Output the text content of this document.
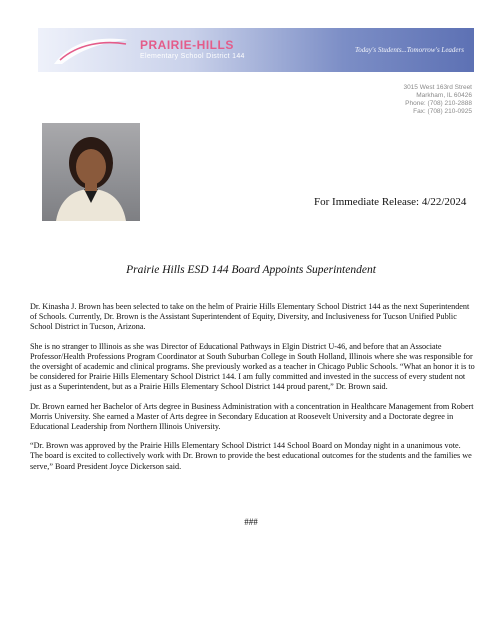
PRAIRIE-HILLS
Elementary School District 144
Today's Students...Tomorrow's Leaders
3015 West 163rd Street
Markham, IL 60426
Phone: (708) 210-2888
Fax: (708) 210-0925
For Immediate Release: 4/22/2024
Prairie Hills ESD 144 Board Appoints Superintendent

Dr. Kinasha J. Brown has been selected to take on the helm of Prairie Hills Elementary School District 144 as the next Superintendent of Schools. Currently, Dr. Brown is the Assistant Superintendent of Equity, Diversity, and Inclusiveness for Tucson Unified Public School District in Tucson, Arizona.

She is no stranger to Illinois as she was Director of Educational Pathways in Elgin District U-46, and before that an Associate Professor/Health Professions Program Coordinator at South Suburban College in South Holland, Illinois where she was responsible for the oversight of academic and clinical programs. She previously worked as a teacher in Chicago Public Schools. “What an honor it is to be considered for Prairie Hills Elementary School District 144. I am fully committed and invested in the success of every student not just as a Superintendent, but as a Prairie Hills Elementary School District 144 proud parent,” Dr. Brown said.

Dr. Brown earned her Bachelor of Arts degree in Business Administration with a concentration in Healthcare Management from Robert Morris University. She earned a Master of Arts degree in Secondary Education at Roosevelt University and a Doctorate degree in Educational Leadership from Northern Illinois University.

“Dr. Brown was approved by the Prairie Hills Elementary School District 144 School Board on Monday night in a unanimous vote. The board is excited to collectively work with Dr. Brown to provide the best educational outcomes for the students and the families we serve,” Board President Joyce Dickerson said.

###
